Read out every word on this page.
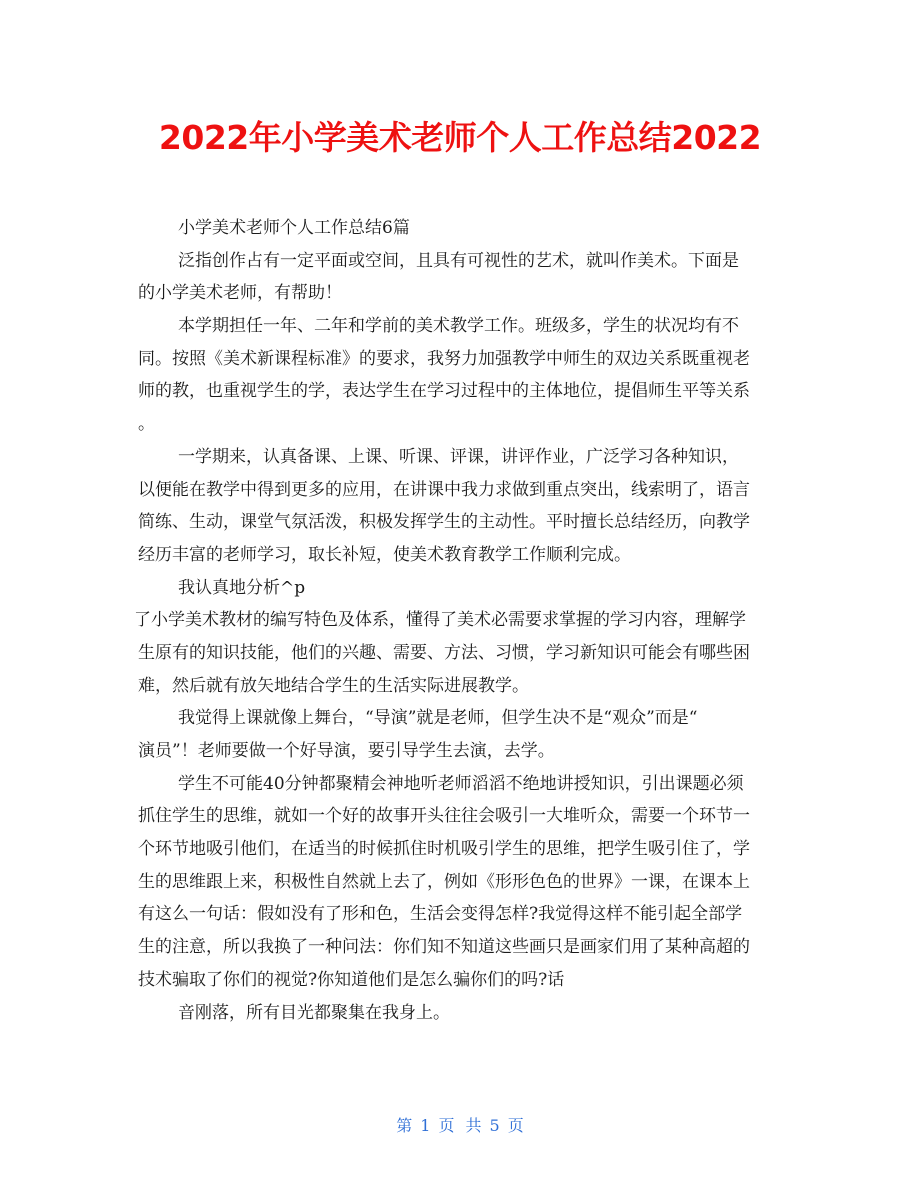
2022年小学美术老师个人工作总结2022
小学美术老师个人工作总结6篇
泛指创作占有一定平面或空间，且具有可视性的艺术，就叫作美术。下面是
的小学美术老师，有帮助！
本学期担任一年、二年和学前的美术教学工作。班级多，学生的状况均有不
同。按照《美术新课程标准》的要求，我努力加强教学中师生的双边关系既重视老
师的教，也重视学生的学，表达学生在学习过程中的主体地位，提倡师生平等关系
。
一学期来，认真备课、上课、听课、评课，讲评作业，广泛学习各种知识，
以便能在教学中得到更多的应用，在讲课中我力求做到重点突出，线索明了，语言
简练、生动，课堂气氛活泼，积极发挥学生的主动性。平时擅长总结经历，向教学
经历丰富的老师学习，取长补短，使美术教育教学工作顺利完成。
我认真地分析^p
了小学美术教材的编写特色及体系，懂得了美术必需要求掌握的学习内容，理解学
生原有的知识技能，他们的兴趣、需要、方法、习惯，学习新知识可能会有哪些困
难，然后就有放矢地结合学生的生活实际进展教学。
我觉得上课就像上舞台，“导演”就是老师，但学生决不是“观众”而是“
演员”！老师要做一个好导演，要引导学生去演，去学。
学生不可能40分钟都聚精会神地听老师滔滔不绝地讲授知识，引出课题必须
抓住学生的思维，就如一个好的故事开头往往会吸引一大堆听众，需要一个环节一
个环节地吸引他们，在适当的时候抓住时机吸引学生的思维，把学生吸引住了，学
生的思维跟上来，积极性自然就上去了，例如《形形色色的世界》一课，在课本上
有这么一句话：假如没有了形和色，生活会变得怎样?我觉得这样不能引起全部学
生的注意，所以我换了一种问法：你们知不知道这些画只是画家们用了某种高超的
技术骗取了你们的视觉?你知道他们是怎么骗你们的吗?话
音刚落，所有目光都聚集在我身上。
第 1 页 共 5 页
